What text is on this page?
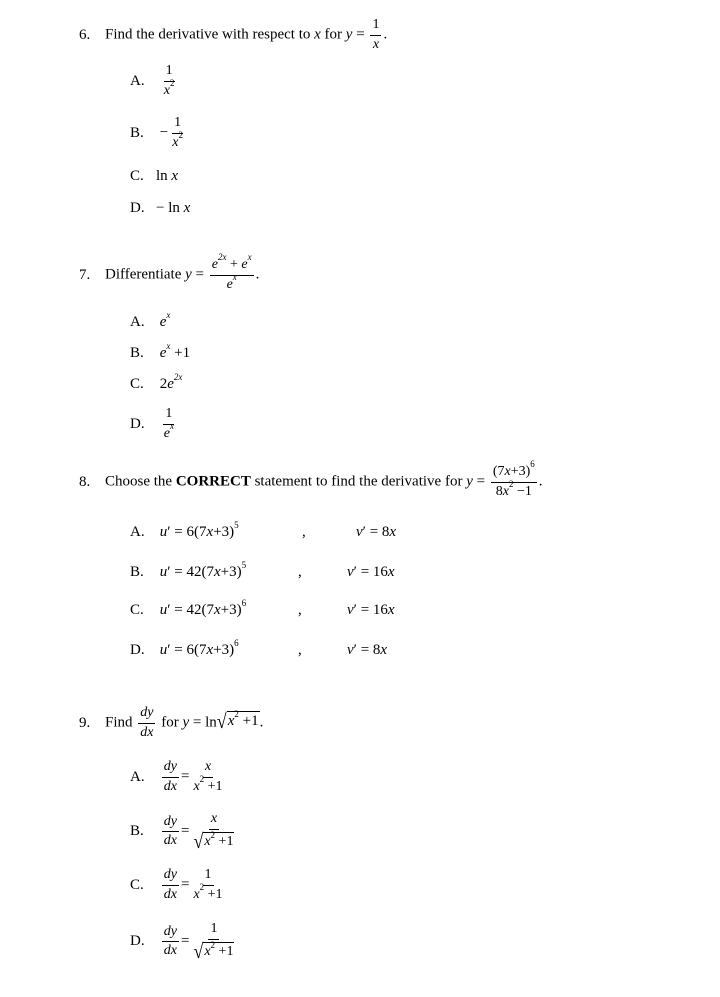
6. Find the derivative with respect to x for $y = \frac{1}{x}$ .
A. $\frac{1}{x^2}$
B. − $\frac{1}{x^2}$
C. ln x
D. − ln x
7. Differentiate $y = \frac{e^{2x} + e^x}{e^x}$ .
A. $e^x$
B. $e^x +1$
C. $2e^{2x}$
D. $\frac{1}{e^x}$
8. Choose the CORRECT statement to find the derivative for $y = \frac{(7x+3)^6}{8x^2 -1}$ .
A. $u' = 6(7x+3)^5$	,	v′ = 8x
B. $u' = 42(7x+3)^5$	,	v′ = 16x
C. $u' = 42(7x+3)^6$	,	v′ = 16x
D. $u' = 6(7x+3)^6$	,	v′ = 8x
9. Find $\frac{dy}{dx}$ for y = ln √ $x^2 +1$ .
A. $\frac{dy}{dx} = \frac{x}{x^2 +1}$
B. $\frac{dy}{dx} = \frac{x}{√ x^2 +1}$
C. $\frac{dy}{dx} = \frac{1}{x^2 +1}$
D. $\frac{dy}{dx} = \frac{1}{√ x^2 +1}$
